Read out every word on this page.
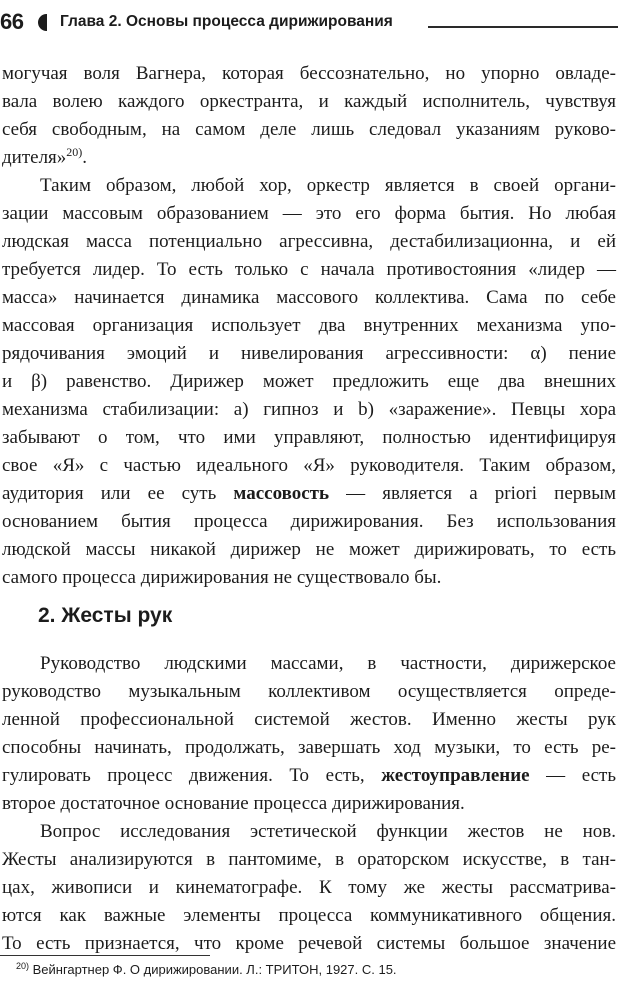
66 Глава 2. Основы процесса дирижирования

могучая воля Вагнера, которая бессознательно, но упорно овладе-
вала волею каждого оркестранта, и каждый исполнитель, чувствуя
себя свободным, на самом деле лишь следовал указаниям руково-
дителя»$^{20)}$.

Таким образом, любой хор, оркестр является в своей органи-
зации массовым образованием — это его форма бытия. Но любая
людская масса потенциально агрессивна, дестабилизационна, и ей
требуется лидер. То есть только с начала противостояния «лидер —
масса» начинается динамика массового коллектива. Сама по себе
массовая организация использует два внутренних механизма упо-
рядочивания эмоций и нивелирования агрессивности: α) пение
и β) равенство. Дирижер может предложить еще два внешних
механизма стабилизации: а) гипноз и b) «заражение». Певцы хора
забывают о том, что ими управляют, полностью идентифицируя
свое «Я» с частью идеального «Я» руководителя. Таким образом,
аудитория или ее суть массовость — является a priori первым
основанием бытия процесса дирижирования. Без использования
людской массы никакой дирижер не может дирижировать, то есть
самого процесса дирижирования не существовало бы.

2. Жесты рук

Руководство людскими массами, в частности, дирижерское
руководство музыкальным коллективом осуществляется опреде-
ленной профессиональной системой жестов. Именно жесты рук
способны начинать, продолжать, завершать ход музыки, то есть ре-
гулировать процесс движения. То есть, жестоуправление — есть
второе достаточное основание процесса дирижирования.

Вопрос исследования эстетической функции жестов не нов.
Жесты анализируются в пантомиме, в ораторском искусстве, в тан-
цах, живописи и кинематографе. К тому же жесты рассматрива-
ются как важные элементы процесса коммуникативного общения.
То есть признается, что кроме речевой системы большое значение

$^{20)}$ Вейнгартнер Ф. О дирижировании. Л.: ТРИТОН, 1927. С. 15.
